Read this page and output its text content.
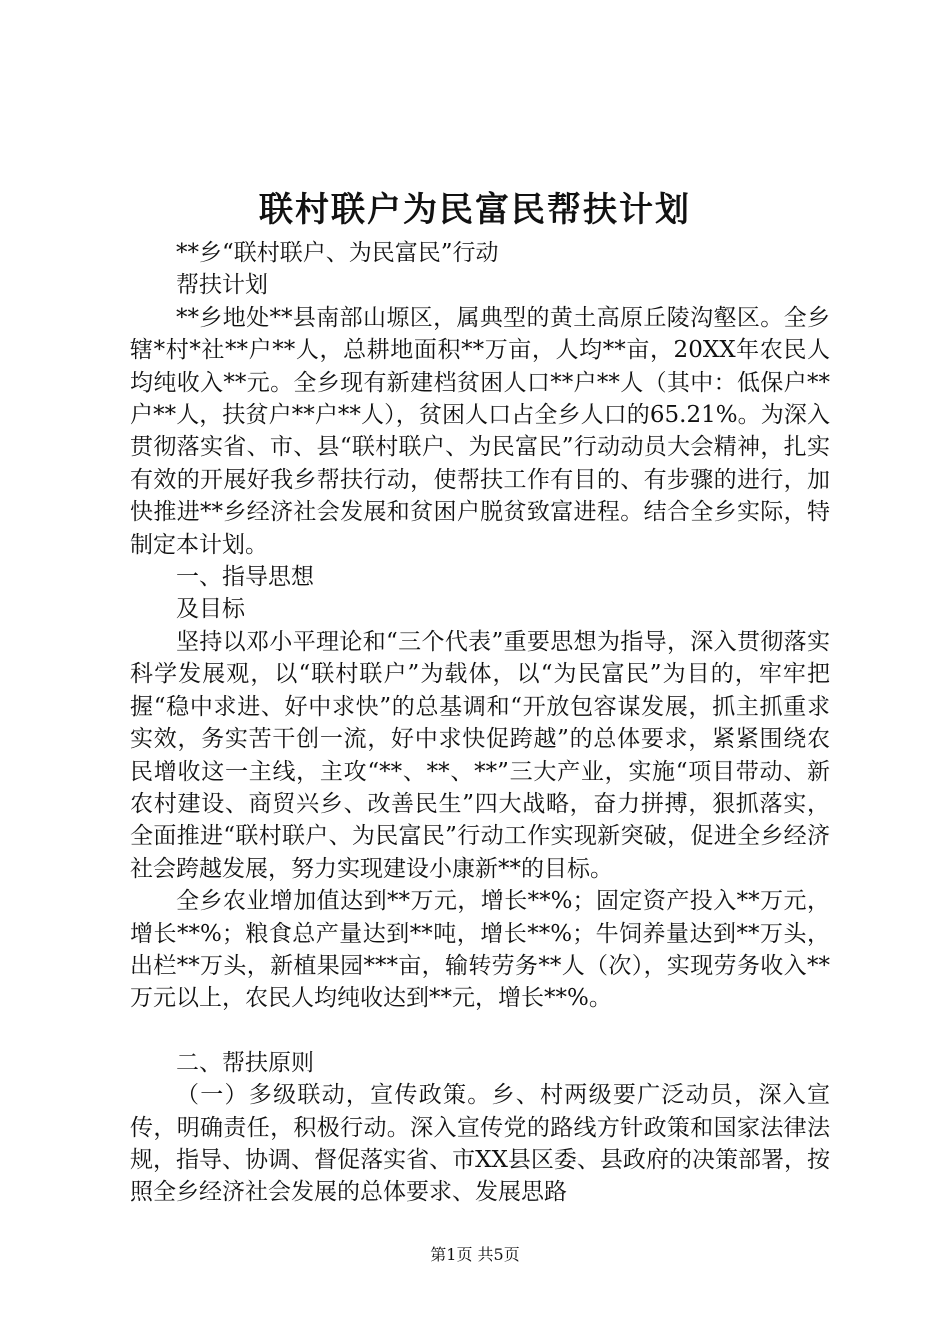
联村联户为民富民帮扶计划

**乡“联村联户、为民富民”行动

帮扶计划

**乡地处**县南部山塬区，属典型的黄土高原丘陵沟壑区。全乡辖*村*社**户**人，总耕地面积**万亩，人均**亩，20XX年农民人均纯收入**元。全乡现有新建档贫困人口**户**人（其中：低保户**户**人，扶贫户**户**人），贫困人口占全乡人口的65.21%。为深入贯彻落实省、市、县“联村联户、为民富民”行动动员大会精神，扎实有效的开展好我乡帮扶行动，使帮扶工作有目的、有步骤的进行，加快推进**乡经济社会发展和贫困户脱贫致富进程。结合全乡实际，特制定本计划。

一、指导思想

及目标

坚持以邓小平理论和“三个代表”重要思想为指导，深入贯彻落实科学发展观，以“联村联户”为载体，以“为民富民”为目的，牢牢把握“稳中求进、好中求快”的总基调和“开放包容谋发展，抓主抓重求实效，务实苦干创一流，好中求快促跨越”的总体要求，紧紧围绕农民增收这一主线，主攻“**、**、**”三大产业，实施“项目带动、新农村建设、商贸兴乡、改善民生”四大战略，奋力拼搏，狠抓落实，全面推进“联村联户、为民富民”行动工作实现新突破，促进全乡经济社会跨越发展，努力实现建设小康新**的目标。

全乡农业增加值达到**万元，增长**%；固定资产投入**万元，增长**%；粮食总产量达到**吨，增长**%；牛饲养量达到**万头，出栏**万头，新植果园***亩，输转劳务**人（次），实现劳务收入**万元以上，农民人均纯收达到**元，增长**%。

二、帮扶原则

（一）多级联动，宣传政策。乡、村两级要广泛动员，深入宣传，明确责任，积极行动。深入宣传党的路线方针政策和国家法律法规，指导、协调、督促落实省、市XX县区委、县政府的决策部署，按照全乡经济社会发展的总体要求、发展思路

第1页 共5页
